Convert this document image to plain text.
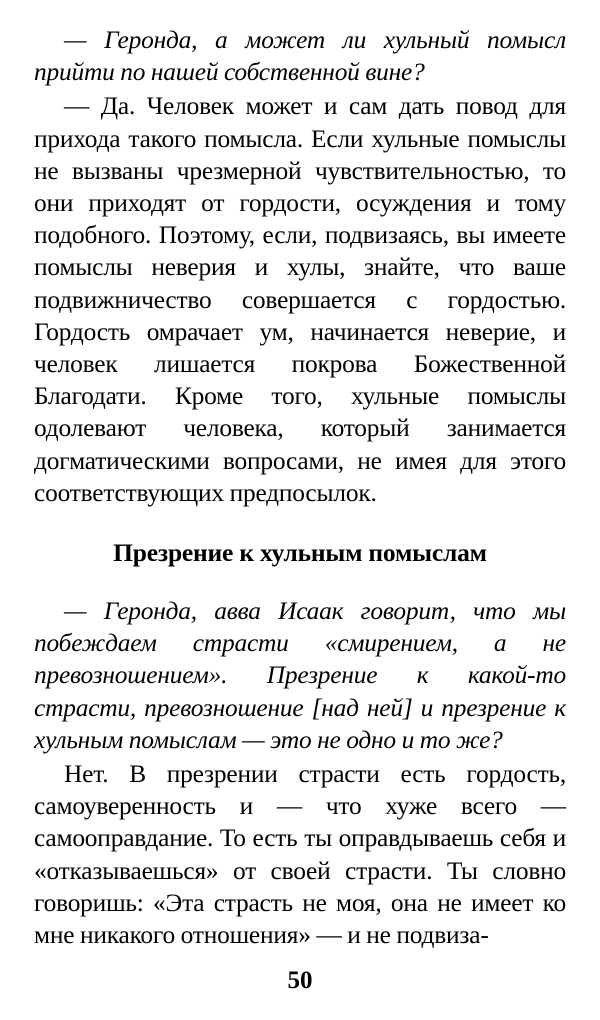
— Геронда, а может ли хульный помысл прийти по нашей собственной вине?

— Да. Человек может и сам дать повод для прихода такого помысла. Если хульные помыслы не вызваны чрезмерной чувствительностью, то они приходят от гордости, осуждения и тому подобного. Поэтому, если, подвизаясь, вы имеете помыслы неверия и хулы, знайте, что ваше подвижничество совершается с гордостью. Гордость омрачает ум, начинается неверие, и человек лишается покрова Божественной Благодати. Кроме того, хульные помыслы одолевают человека, который занимается догматическими вопросами, не имея для этого соответствующих предпосылок.

Презрение к хульным помыслам

— Геронда, авва Исаак говорит, что мы побеждаем страсти «смирением, а не превозношением». Презрение к какой-то страсти, превозношение [над ней] и презрение к хульным помыслам — это не одно и то же?

Нет. В презрении страсти есть гордость, самоуверенность и — что хуже всего — самооправдание. То есть ты оправдываешь себя и «отказываешься» от своей страсти. Ты словно говоришь: «Эта страсть не моя, она не имеет ко мне никакого отношения» — и не подвиза-

50
